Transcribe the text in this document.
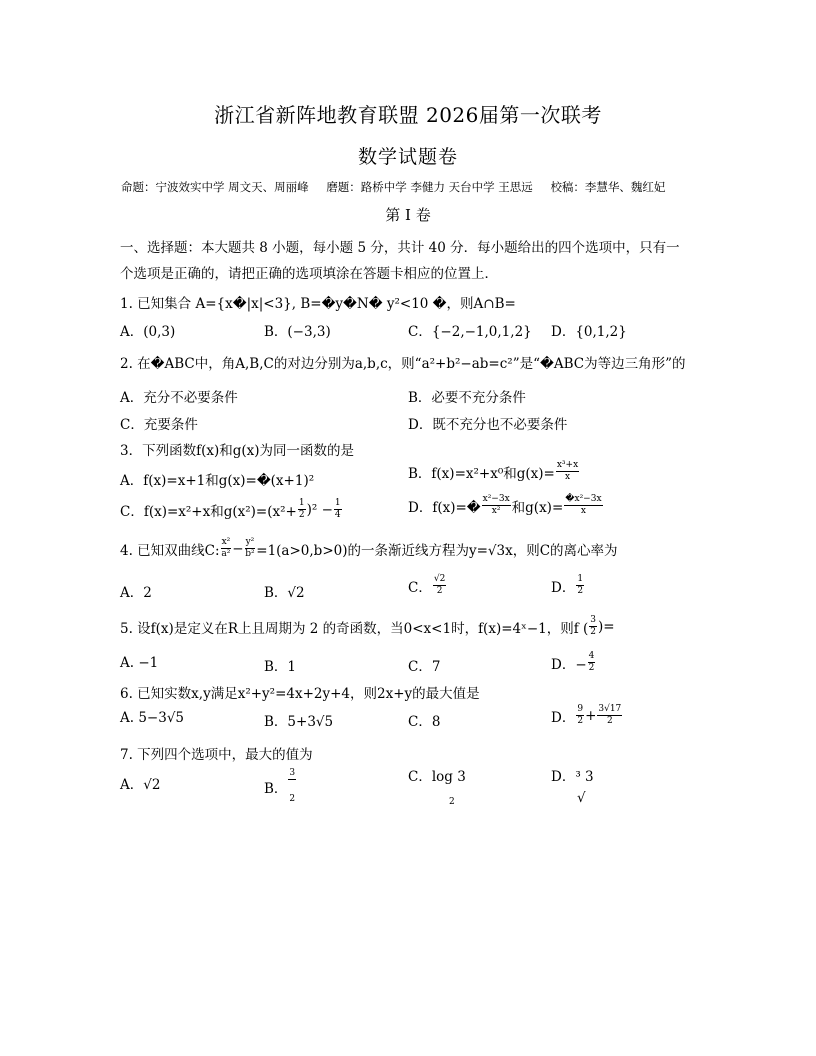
浙江省新阵地教育联盟 2026届第一次联考
数学试题卷
命题：宁波效实中学 周文天、周丽峰 磨题：路桥中学 李健力 天台中学 王思远 校稿：李慧华、魏红妃
第 I 卷
一、选择题：本大题共 8 小题，每小题 5 分，共计 40 分．每小题给出的四个选项中，只有一
个选项是正确的，请把正确的选项填涂在答题卡相应的位置上．
1. 已知集合 A={x�|x|<3}, B=�y�N� y²<10 �，则A∩B=
A．(0,3)	B．(−3,3)	C．{−2,−1,0,1,2} D．{0,1,2}
2. 在�ABC中，角A,B,C的对边分别为a,b,c，则“a²+b²−ab=c²”是“�ABC为等边三角形”的
A．充分不必要条件	B．必要不充分条件
C．充要条件	D．既不充分也不必要条件
3．下列函数f(x)和g(x)为同一函数的是
A．f(x)=x+1和g(x)=�(x+1)²	B．f(x)=x²+x⁰和$g(x)= \frac{\text{x³+x}}{x}$
C．f(x)=x²+x和$g(x^2)=(x^2+ \frac{1}{2} )^2 - \frac{1}{4}$	D．f(x)=� $\frac{\text{x²−3x}}{\text{x²}}$ 和$g(x)= \frac{\text{�x²−3x}}{x}$
4. 已知双曲线C: $\frac{\text{x²}}{\text{a²}} - \frac{\text{y²}}{\text{b²}} =1(a>0,b>0)$的一条渐近线方程为y=√3x，则C的离心率为
A．2	B．√2	C． $\frac{√2}{2}$	D． $\frac{1}{2}$
5. 设f(x)是定义在R上且周期为 2 的奇函数，当0<x<1时，f(x)=4ˣ−1，则f ( $\frac{3}{2}$ )=
A. −1	B．1	C．7	D．− $\frac{4}{2}$
6. 已知实数x,y满足x²+y²=4x+2y+4，则2x+y的最大值是
A. 5−3√5	B．5+3√5	C．8	D． $\frac{9}{2} + \frac{3√17}{2}$
7. 下列四个选项中，最大的值为
A．√2	B． $\frac{3}{2}$	C．log 3
2
D．³ 3
√
